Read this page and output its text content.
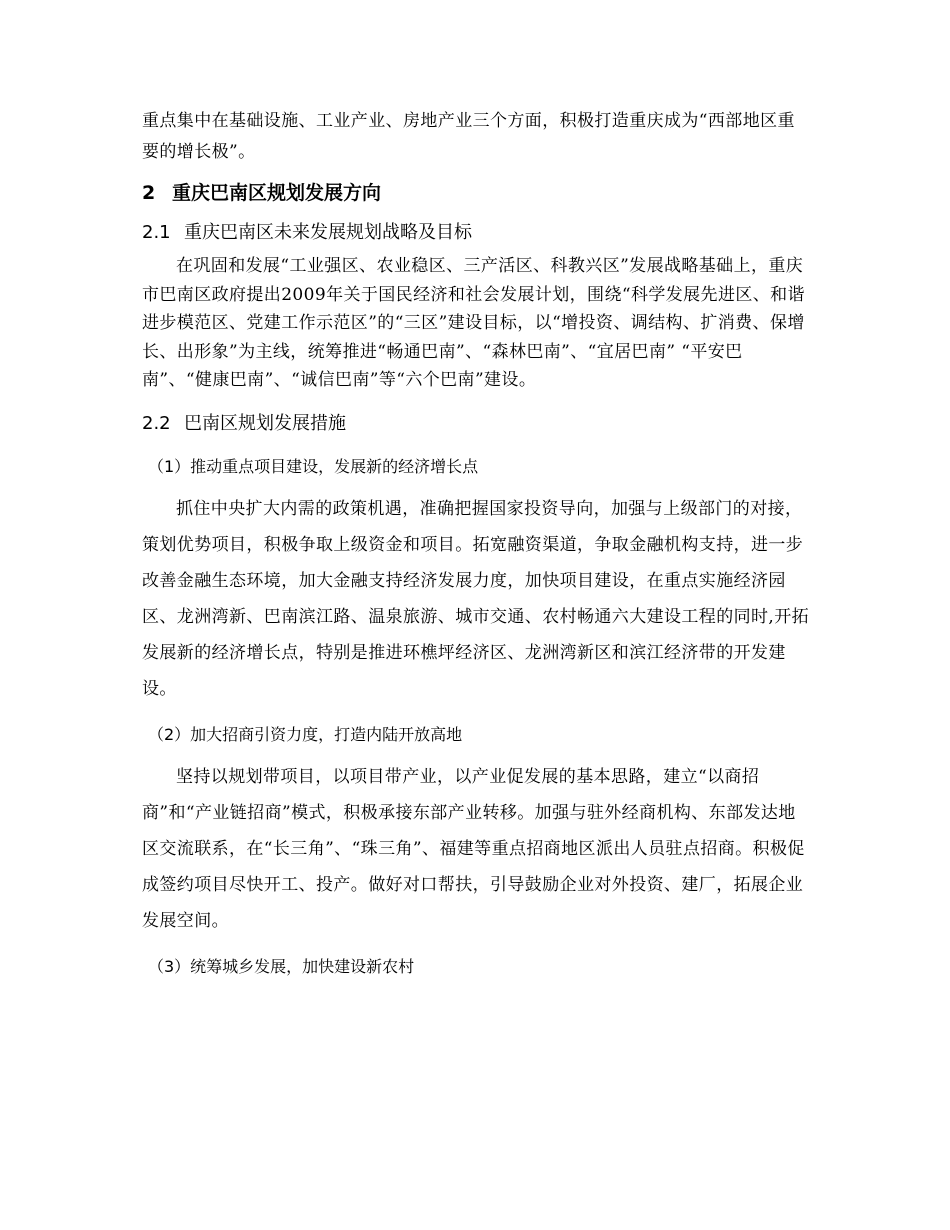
重点集中在基础设施、工业产业、房地产业三个方面，积极打造重庆成为“西部地区重要的增长极”。

2 重庆巴南区规划发展方向
2.1 重庆巴南区未来发展规划战略及目标

在巩固和发展“工业强区、农业稳区、三产活区、科教兴区”发展战略基础上，重庆市巴南区政府提出2009年关于国民经济和社会发展计划，围绕“科学发展先进区、和谐进步模范区、党建工作示范区”的“三区”建设目标，以“增投资、调结构、扩消费、保增长、出形象”为主线，统筹推进“畅通巴南”、“森林巴南”、“宜居巴南” “平安巴南”、“健康巴南”、“诚信巴南”等“六个巴南”建设。

2.2 巴南区规划发展措施
（1）推动重点项目建设，发展新的经济增长点

抓住中央扩大内需的政策机遇，准确把握国家投资导向，加强与上级部门的对接，策划优势项目，积极争取上级资金和项目。拓宽融资渠道，争取金融机构支持，进一步改善金融生态环境，加大金融支持经济发展力度，加快项目建设，在重点实施经济园区、龙洲湾新、巴南滨江路、温泉旅游、城市交通、农村畅通六大建设工程的同时,开拓发展新的经济增长点，特别是推进环樵坪经济区、龙洲湾新区和滨江经济带的开发建设。

（2）加大招商引资力度，打造内陆开放高地

坚持以规划带项目，以项目带产业，以产业促发展的基本思路，建立“以商招商”和“产业链招商”模式，积极承接东部产业转移。加强与驻外经商机构、东部发达地区交流联系，在“长三角”、“珠三角”、福建等重点招商地区派出人员驻点招商。积极促成签约项目尽快开工、投产。做好对口帮扶，引导鼓励企业对外投资、建厂，拓展企业发展空间。

（3）统筹城乡发展，加快建设新农村
